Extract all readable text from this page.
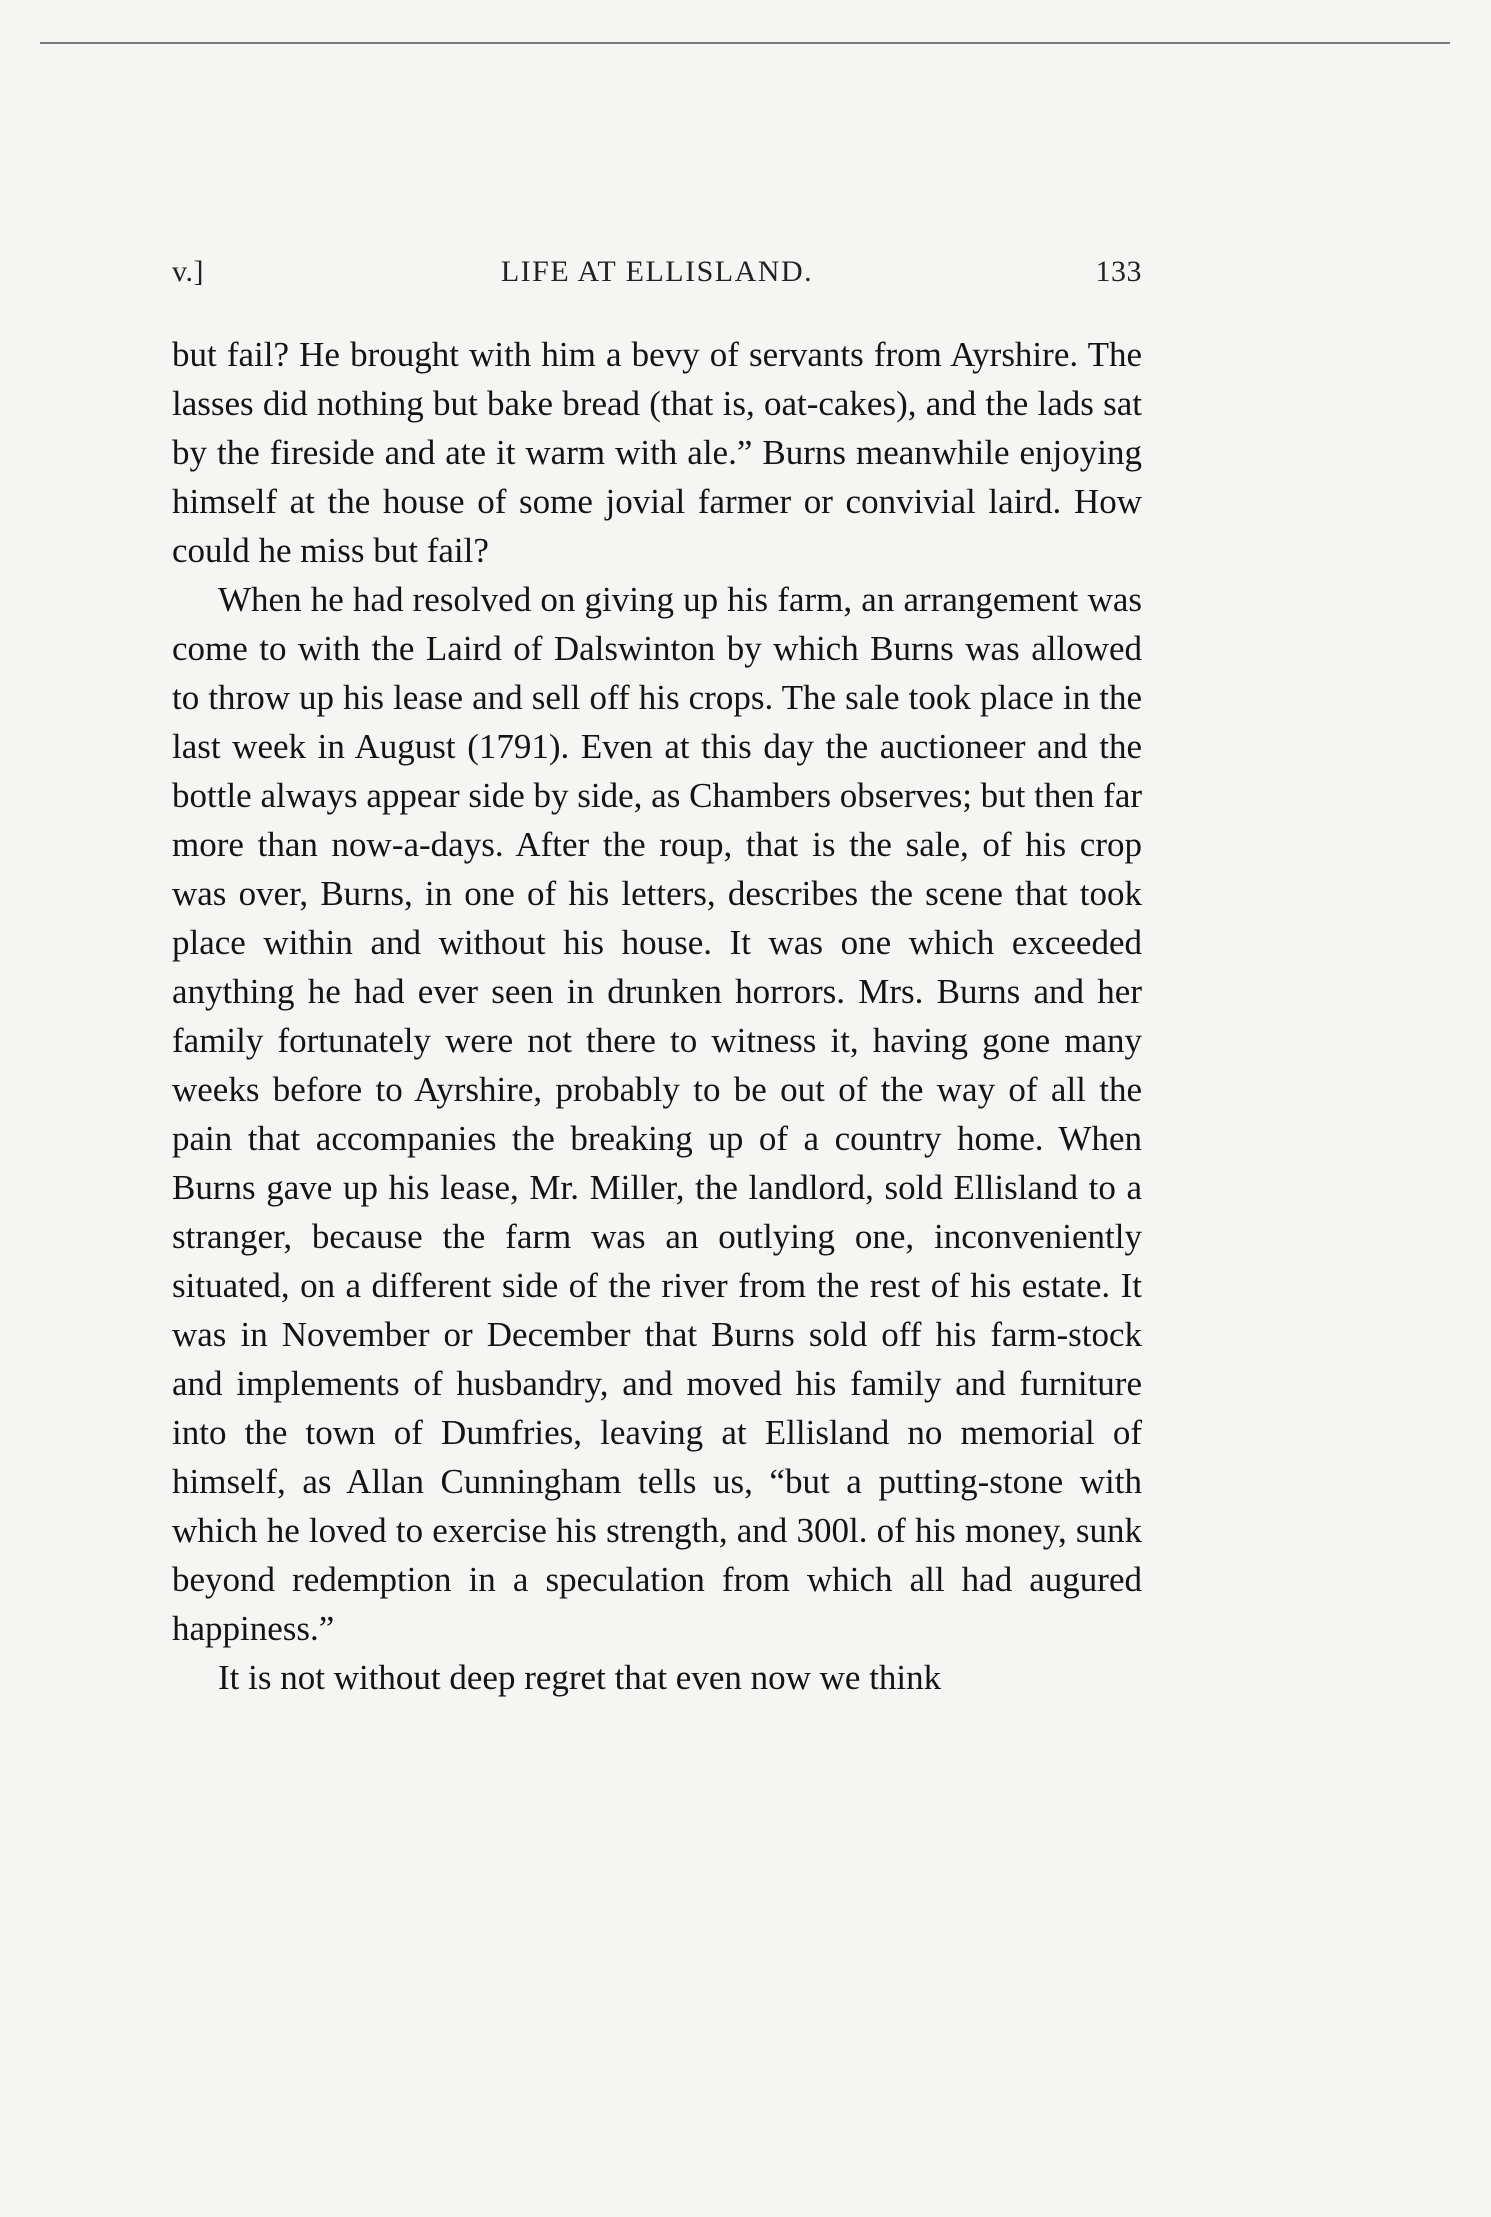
v.]	LIFE AT ELLISLAND.	133

but fail? He brought with him a bevy of servants from Ayrshire. The lasses did nothing but bake bread (that is, oat-cakes), and the lads sat by the fireside and ate it warm with ale.” Burns meanwhile enjoying himself at the house of some jovial farmer or convivial laird. How could he miss but fail?

When he had resolved on giving up his farm, an arrangement was come to with the Laird of Dalswinton by which Burns was allowed to throw up his lease and sell off his crops. The sale took place in the last week in August (1791). Even at this day the auctioneer and the bottle always appear side by side, as Chambers observes; but then far more than now-a-days. After the roup, that is the sale, of his crop was over, Burns, in one of his letters, describes the scene that took place within and without his house. It was one which exceeded anything he had ever seen in drunken horrors. Mrs. Burns and her family fortunately were not there to witness it, having gone many weeks before to Ayrshire, probably to be out of the way of all the pain that accompanies the breaking up of a country home. When Burns gave up his lease, Mr. Miller, the landlord, sold Ellisland to a stranger, because the farm was an outlying one, inconveniently situated, on a different side of the river from the rest of his estate. It was in November or December that Burns sold off his farm-stock and implements of husbandry, and moved his family and furniture into the town of Dumfries, leaving at Ellisland no memorial of himself, as Allan Cunningham tells us, “but a putting-stone with which he loved to exercise his strength, and 300l. of his money, sunk beyond redemption in a speculation from which all had augured happiness.”

It is not without deep regret that even now we think
